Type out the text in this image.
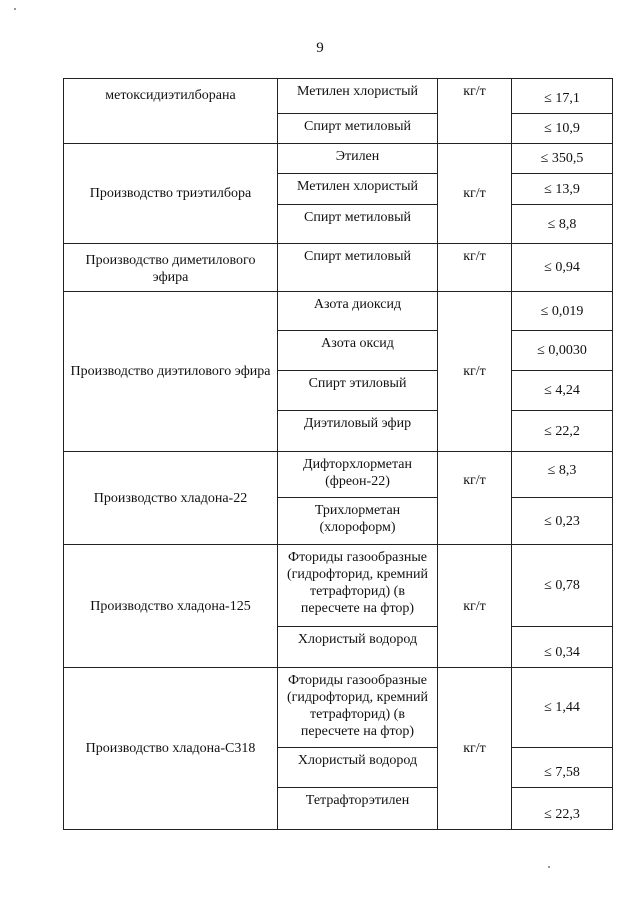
9
метоксидиэтилборана	Метилен хлористый	кг/т	≤ 17,1
	Спирт метиловый		≤ 10,9
Производство триэтилбора	Этилен	кг/т	≤ 350,5
	Метилен хлористый		≤ 13,9
	Спирт метиловый		≤ 8,8
Производство диметилового эфира	Спирт метиловый	кг/т	≤ 0,94
Производство диэтилового эфира	Азота диоксид	кг/т	≤ 0,019
	Азота оксид		≤ 0,0030
	Спирт этиловый		≤ 4,24
	Диэтиловый эфир		≤ 22,2
Производство хладона-22	Дифторхлорметан (фреон-22)	кг/т	≤ 8,3
	Трихлорметан (хлороформ)		≤ 0,23
Производство хладона-125	Фториды газообразные (гидрофторид, кремний тетрафторид) (в пересчете на фтор)	кг/т	≤ 0,78
	Хлористый водород		≤ 0,34
Производство хладона-С318	Фториды газообразные (гидрофторид, кремний тетрафторид) (в пересчете на фтор)	кг/т	≤ 1,44
	Хлористый водород		≤ 7,58
	Тетрафторэтилен		≤ 22,3
